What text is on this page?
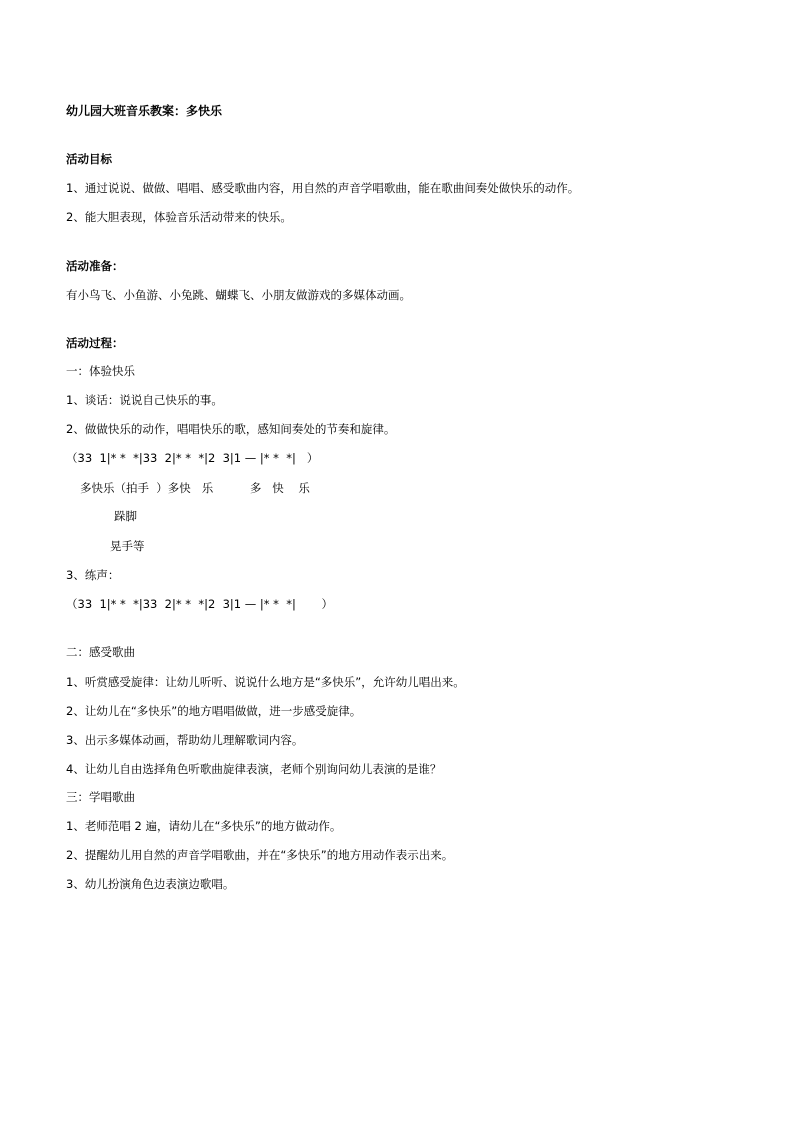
幼儿园大班音乐教案：多快乐

活动目标

1、通过说说、做做、唱唱、感受歌曲内容，用自然的声音学唱歌曲，能在歌曲间奏处做快乐的动作。

2、能大胆表现，体验音乐活动带来的快乐。

活动准备：

有小鸟飞、小鱼游、小兔跳、蝴蝶飞、小朋友做游戏的多媒体动画。

活动过程：

一：体验快乐

1、谈话：说说自己快乐的事。

2、做做快乐的动作，唱唱快乐的歌，感知间奏处的节奏和旋律。

（33  1|* *  *|33  2|* *  *|2  3|1 — |* *  *|   ）

多快乐（拍手  ）多快   乐          多   快    乐

跺脚

晃手等

3、练声：

（33  1|* *  *|33  2|* *  *|2  3|1 — |* *  *|       ）

二：感受歌曲

1、听赏感受旋律：让幼儿听听、说说什么地方是“多快乐”，允许幼儿唱出来。

2、让幼儿在“多快乐”的地方唱唱做做，进一步感受旋律。

3、出示多媒体动画，帮助幼儿理解歌词内容。

4、让幼儿自由选择角色听歌曲旋律表演，老师个别询问幼儿表演的是谁？

三：学唱歌曲

1、老师范唱 2 遍，请幼儿在“多快乐”的地方做动作。

2、提醒幼儿用自然的声音学唱歌曲，并在“多快乐”的地方用动作表示出来。

3、幼儿扮演角色边表演边歌唱。
